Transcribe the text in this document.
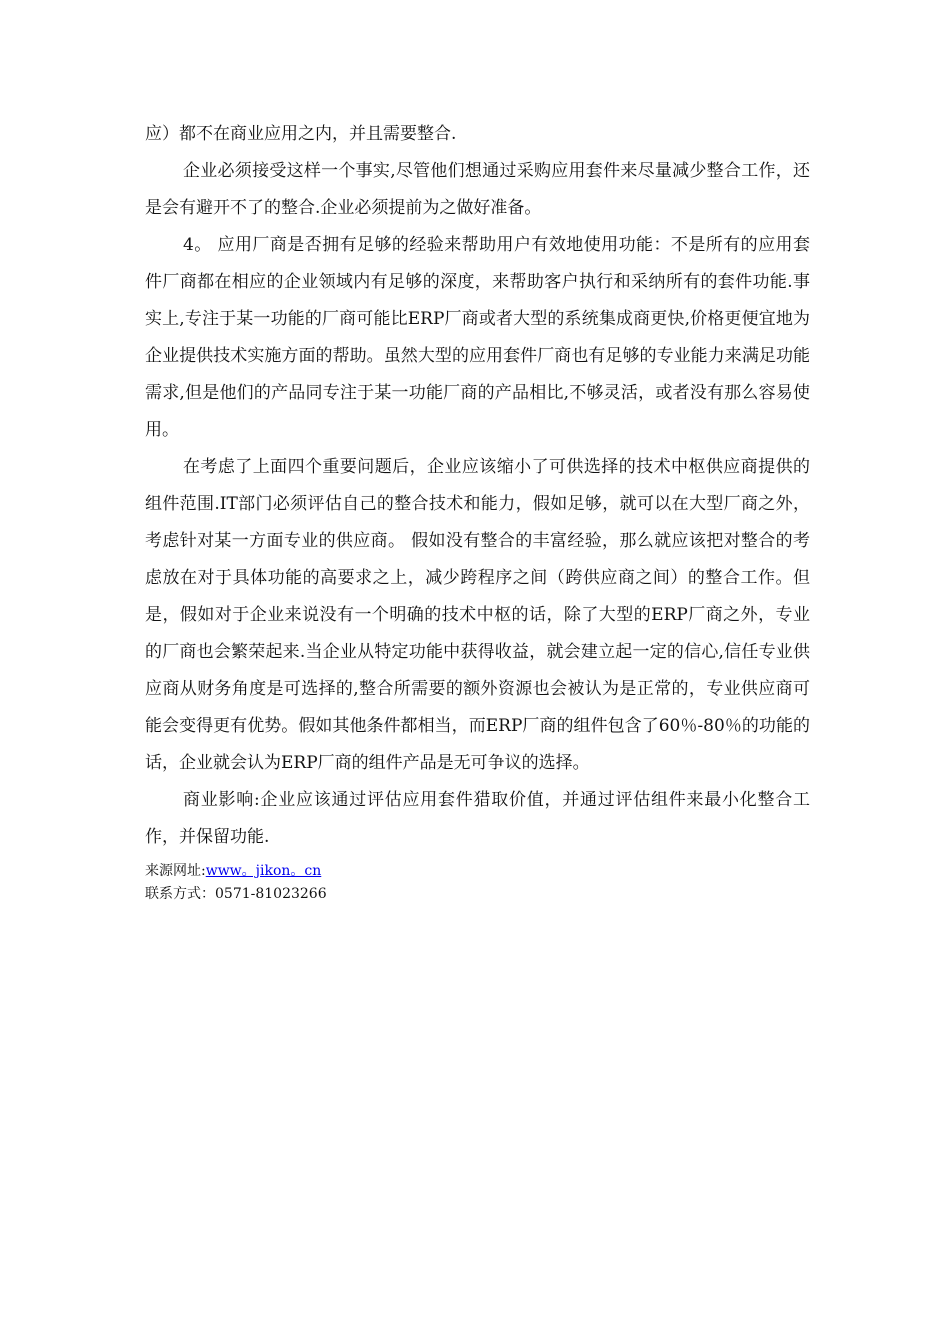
应）都不在商业应用之内，并且需要整合.

企业必须接受这样一个事实,尽管他们想通过采购应用套件来尽量减少整合工作，还是会有避开不了的整合.企业必须提前为之做好准备。

4。 应用厂商是否拥有足够的经验来帮助用户有效地使用功能：不是所有的应用套件厂商都在相应的企业领域内有足够的深度，来帮助客户执行和采纳所有的套件功能.事实上,专注于某一功能的厂商可能比ERP厂商或者大型的系统集成商更快,价格更便宜地为企业提供技术实施方面的帮助。虽然大型的应用套件厂商也有足够的专业能力来满足功能需求,但是他们的产品同专注于某一功能厂商的产品相比,不够灵活，或者没有那么容易使用。

在考虑了上面四个重要问题后，企业应该缩小了可供选择的技术中枢供应商提供的组件范围.IT部门必须评估自己的整合技术和能力，假如足够，就可以在大型厂商之外，考虑针对某一方面专业的供应商。 假如没有整合的丰富经验，那么就应该把对整合的考虑放在对于具体功能的高要求之上，减少跨程序之间（跨供应商之间）的整合工作。但是，假如对于企业来说没有一个明确的技术中枢的话，除了大型的ERP厂商之外，专业的厂商也会繁荣起来.当企业从特定功能中获得收益，就会建立起一定的信心,信任专业供应商从财务角度是可选择的,整合所需要的额外资源也会被认为是正常的，专业供应商可能会变得更有优势。假如其他条件都相当，而ERP厂商的组件包含了60％-80％的功能的话，企业就会认为ERP厂商的组件产品是无可争议的选择。

商业影响:企业应该通过评估应用套件猎取价值，并通过评估组件来最小化整合工作，并保留功能.

来源网址:www。jikon。cn
联系方式：0571-81023266
